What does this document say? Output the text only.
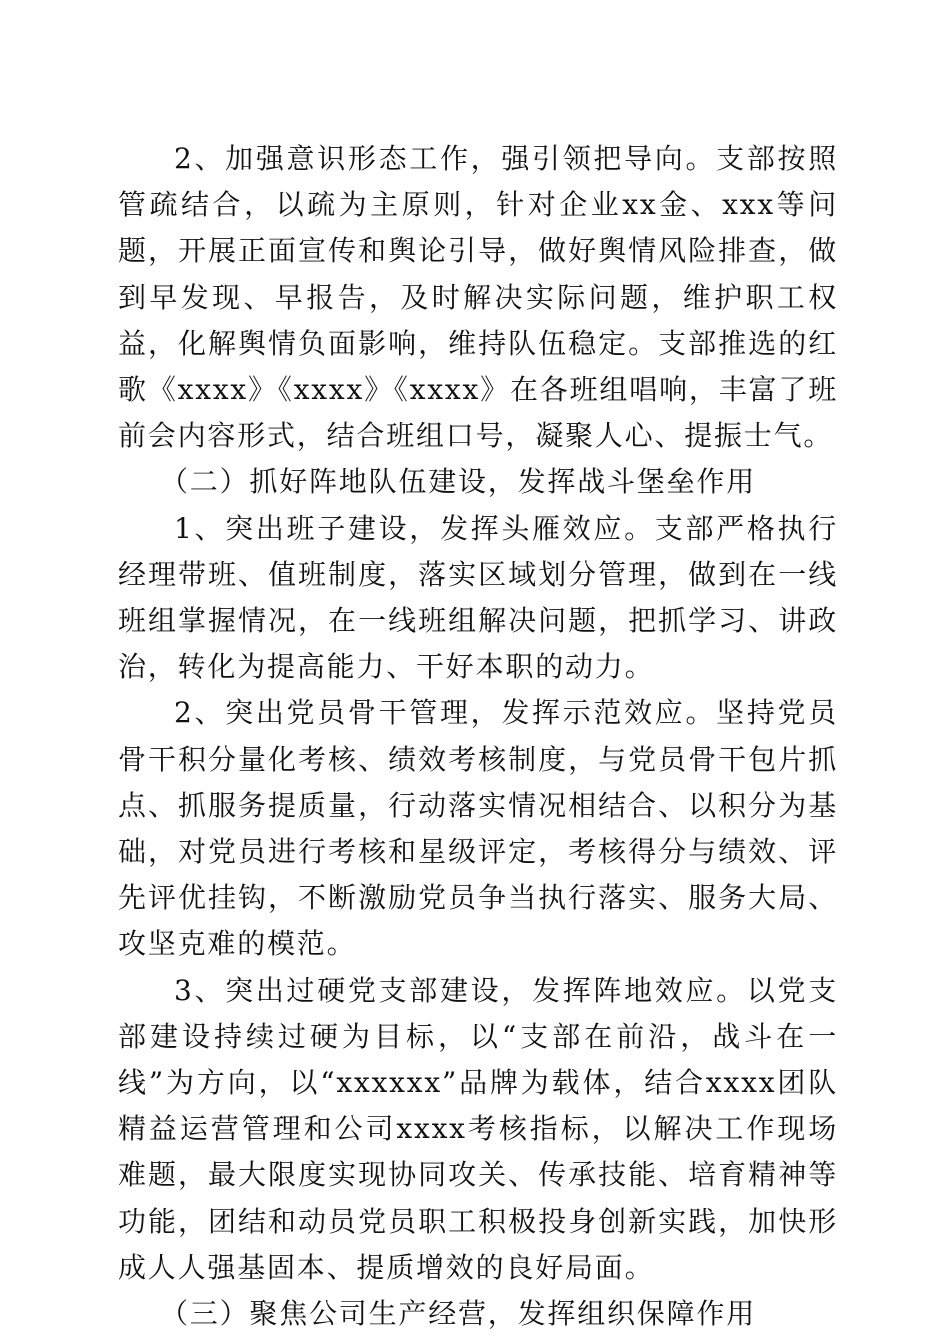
2、加强意识形态工作，强引领把导向。支部按照管疏结合，以疏为主原则，针对企业xx金、xxx等问题，开展正面宣传和舆论引导，做好舆情风险排查，做到早发现、早报告，及时解决实际问题，维护职工权益，化解舆情负面影响，维持队伍稳定。支部推选的红歌《xxxx》《xxxx》《xxxx》在各班组唱响，丰富了班前会内容形式，结合班组口号，凝聚人心、提振士气。

（二）抓好阵地队伍建设，发挥战斗堡垒作用

1、突出班子建设，发挥头雁效应。支部严格执行经理带班、值班制度，落实区域划分管理，做到在一线班组掌握情况，在一线班组解决问题，把抓学习、讲政治，转化为提高能力、干好本职的动力。

2、突出党员骨干管理，发挥示范效应。坚持党员骨干积分量化考核、绩效考核制度，与党员骨干包片抓点、抓服务提质量，行动落实情况相结合、以积分为基础，对党员进行考核和星级评定，考核得分与绩效、评先评优挂钩，不断激励党员争当执行落实、服务大局、攻坚克难的模范。

3、突出过硬党支部建设，发挥阵地效应。以党支部建设持续过硬为目标，以“支部在前沿，战斗在一线”为方向，以“xxxxxx”品牌为载体，结合xxxx团队精益运营管理和公司xxxx考核指标，以解决工作现场难题，最大限度实现协同攻关、传承技能、培育精神等功能，团结和动员党员职工积极投身创新实践，加快形成人人强基固本、提质增效的良好局面。

（三）聚焦公司生产经营，发挥组织保障作用
